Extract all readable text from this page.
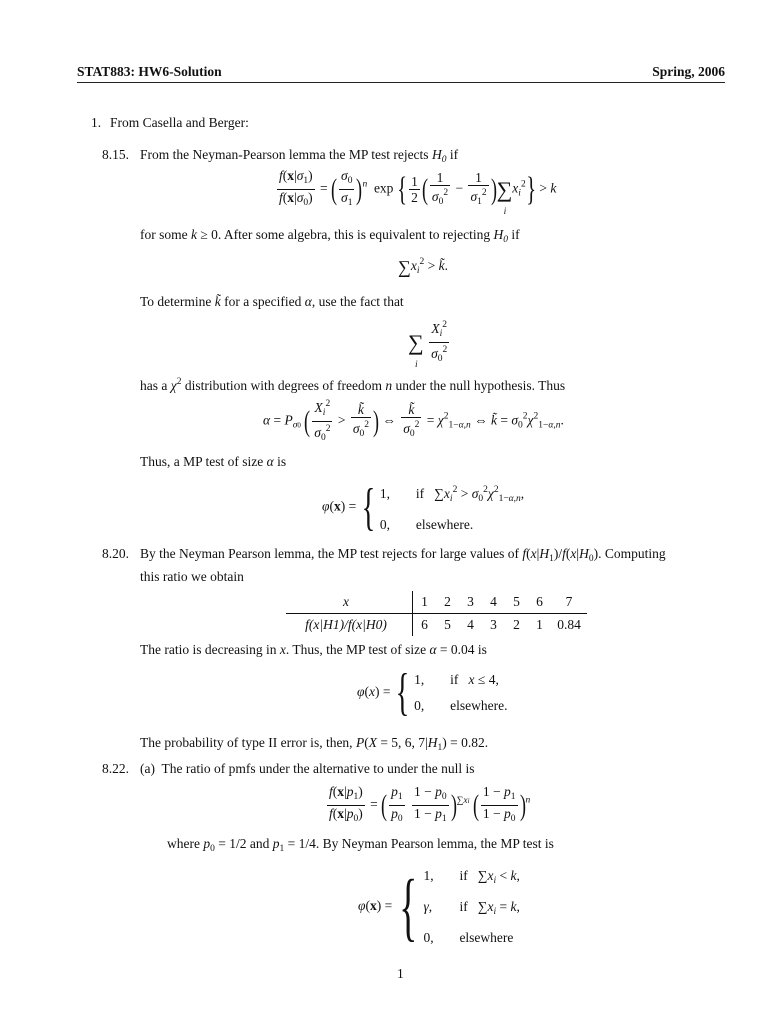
STAT883: HW6-Solution	Spring, 2006
1. From Casella and Berger:
8.15. From the Neyman-Pearson lemma the MP test rejects $H_0$ if
$\frac{f(x|\sigma_1)}{f(x|\sigma_0)}$ = ( $\frac{\sigma_0}{\sigma_1} )^n$  exp { $\frac{1}{2}$ ( $\frac{1}{\sigma_0^2} - \frac{1}{\sigma_1^2}$ )∑
i
$x_i^2\} > k$
for some k ≥ 0. After some algebra, this is equivalent to rejecting $H_0$ if
$\sum x_i^2$ > k̃.
To determine k̃ for a specified α, use the fact that
∑
i
$\frac{X_i^2}{\sigma_0^2}$
has a $\chi^2$ distribution with degrees of freedom n under the null hypothesis. Thus
$\alpha = P_{\sigma 0}$ ( $\frac{X_i^2}{\sigma_0^2} > \frac{k̃}{\sigma_0^2}$ ) ⇔ $\frac{k̃}{\sigma_0^2} = \chi^2_{1-\alpha,n}$ ⇔ k̃ = $\sigma_0^2\chi^2_{1-\alpha,n}$.
Thus, a MP test of size α is
φ(x) = { 1, if   $\sum x_i^2 > \sigma_0^2\chi^2_{1-\alpha,n}$,
0, elsewhere.
8.20. By the Neyman Pearson lemma, the MP test rejects for large values of $f(x|H_1)/f(x|H_0)$. Computing
this ratio we obtain
x	1	2	3	4	5	6	7
f(x|H1)/f(x|H0)	6	5	4	3	2	1	0.84
The ratio is decreasing in x. Thus, the MP test of size α = 0.04 is
φ(x) = { 1, if x ≤ 4,
0, elsewhere.
The probability of type II error is, then, P(X = 5, 6, $7|H_1) = 0.82$.
8.22. (a) The ratio of pmfs under the alternative to under the null is
$\frac{f(x|p_1)}{f(x|p_0)}$ = ( $\frac{p_1}{p_0}$
$\frac{1 - p_0}{1 - p_1} )^{\sum xi}$ ( $\frac{1 - p_1}{1 - p_0} )^n$
where $p_0 = 1/2$ and $p_1 = 1/4$. By Neyman Pearson lemma, the MP test is
φ(x) = { 1, if   $\sum x_i < k$,
γ, if   $\sum x_i = k$,
0, elsewhere
1
